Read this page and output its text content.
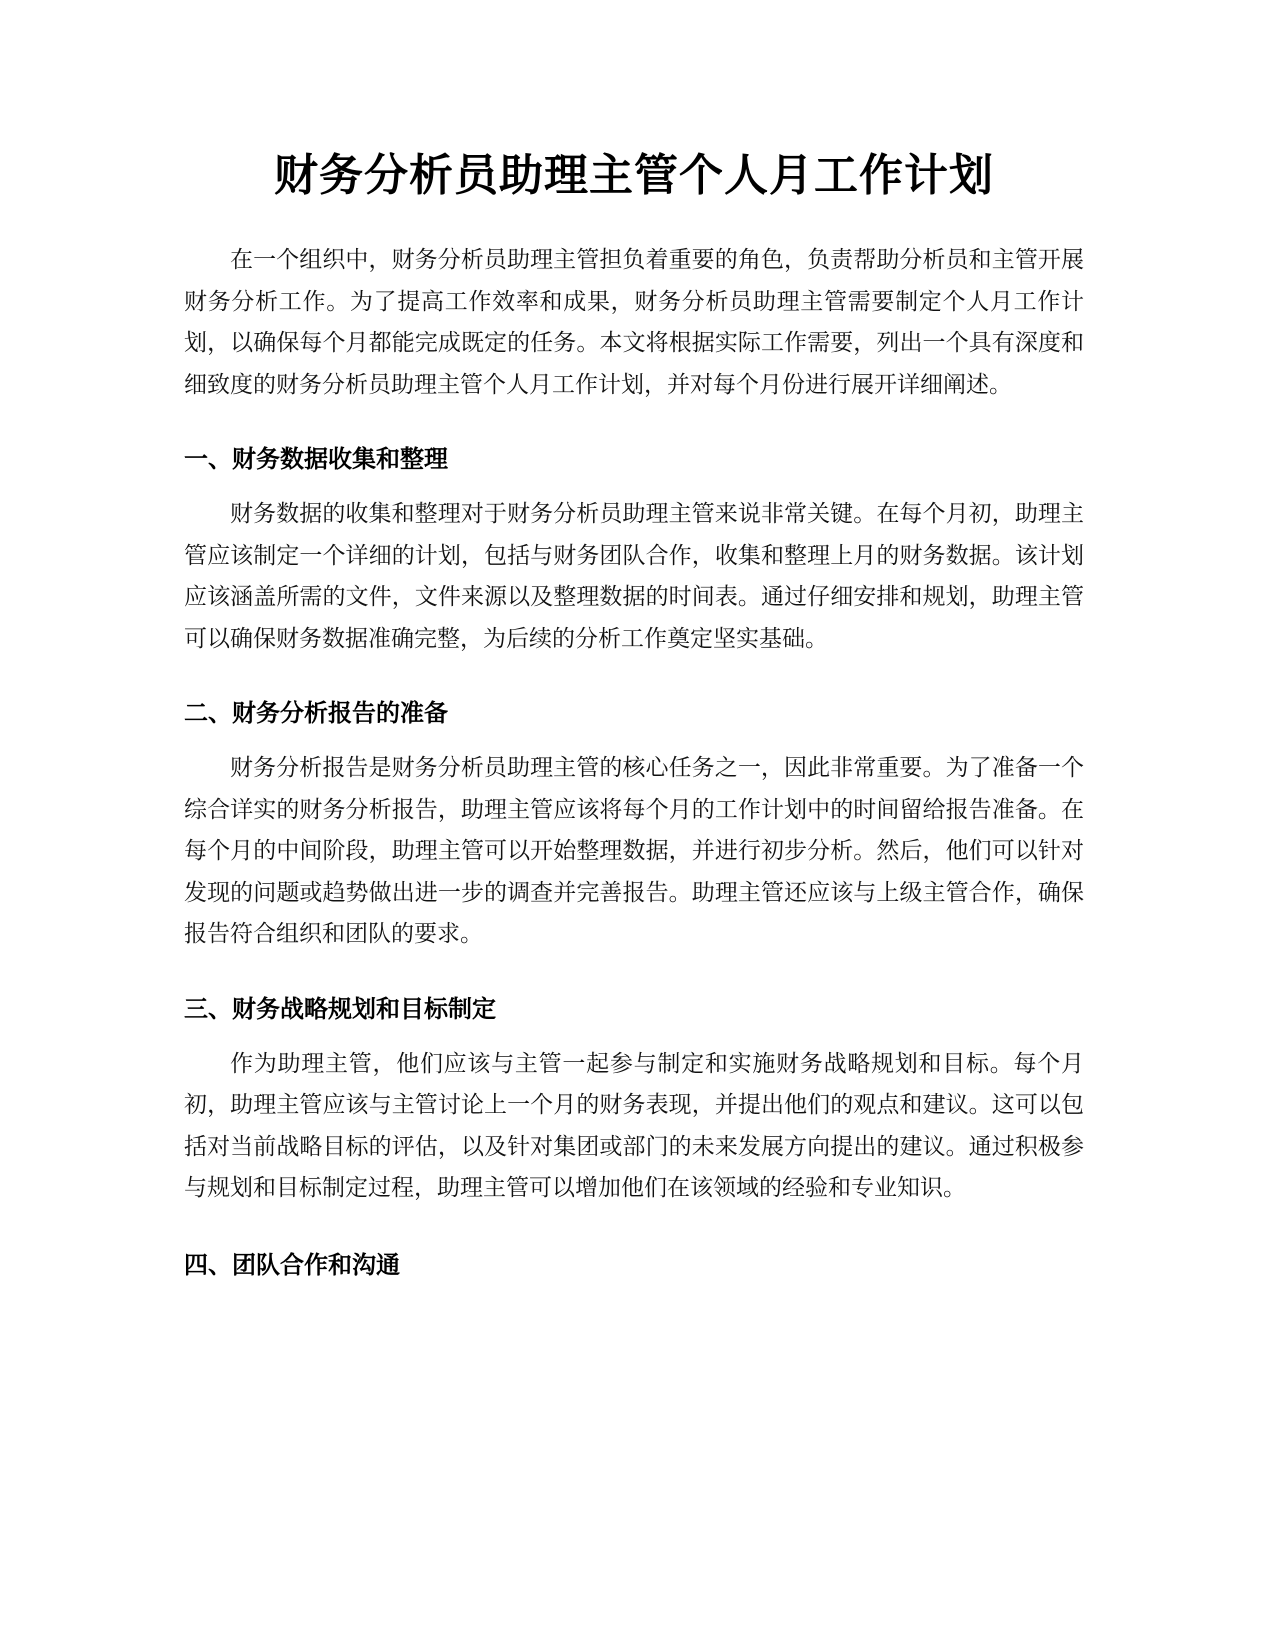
财务分析员助理主管个人月工作计划

在一个组织中，财务分析员助理主管担负着重要的角色，负责帮助分析员和主管开展财务分析工作。为了提高工作效率和成果，财务分析员助理主管需要制定个人月工作计划，以确保每个月都能完成既定的任务。本文将根据实际工作需要，列出一个具有深度和细致度的财务分析员助理主管个人月工作计划，并对每个月份进行展开详细阐述。

一、财务数据收集和整理

财务数据的收集和整理对于财务分析员助理主管来说非常关键。在每个月初，助理主管应该制定一个详细的计划，包括与财务团队合作，收集和整理上月的财务数据。该计划应该涵盖所需的文件，文件来源以及整理数据的时间表。通过仔细安排和规划，助理主管可以确保财务数据准确完整，为后续的分析工作奠定坚实基础。

二、财务分析报告的准备

财务分析报告是财务分析员助理主管的核心任务之一，因此非常重要。为了准备一个综合详实的财务分析报告，助理主管应该将每个月的工作计划中的时间留给报告准备。在每个月的中间阶段，助理主管可以开始整理数据，并进行初步分析。然后，他们可以针对发现的问题或趋势做出进一步的调查并完善报告。助理主管还应该与上级主管合作，确保报告符合组织和团队的要求。

三、财务战略规划和目标制定

作为助理主管，他们应该与主管一起参与制定和实施财务战略规划和目标。每个月初，助理主管应该与主管讨论上一个月的财务表现，并提出他们的观点和建议。这可以包括对当前战略目标的评估，以及针对集团或部门的未来发展方向提出的建议。通过积极参与规划和目标制定过程，助理主管可以增加他们在该领域的经验和专业知识。

四、团队合作和沟通
